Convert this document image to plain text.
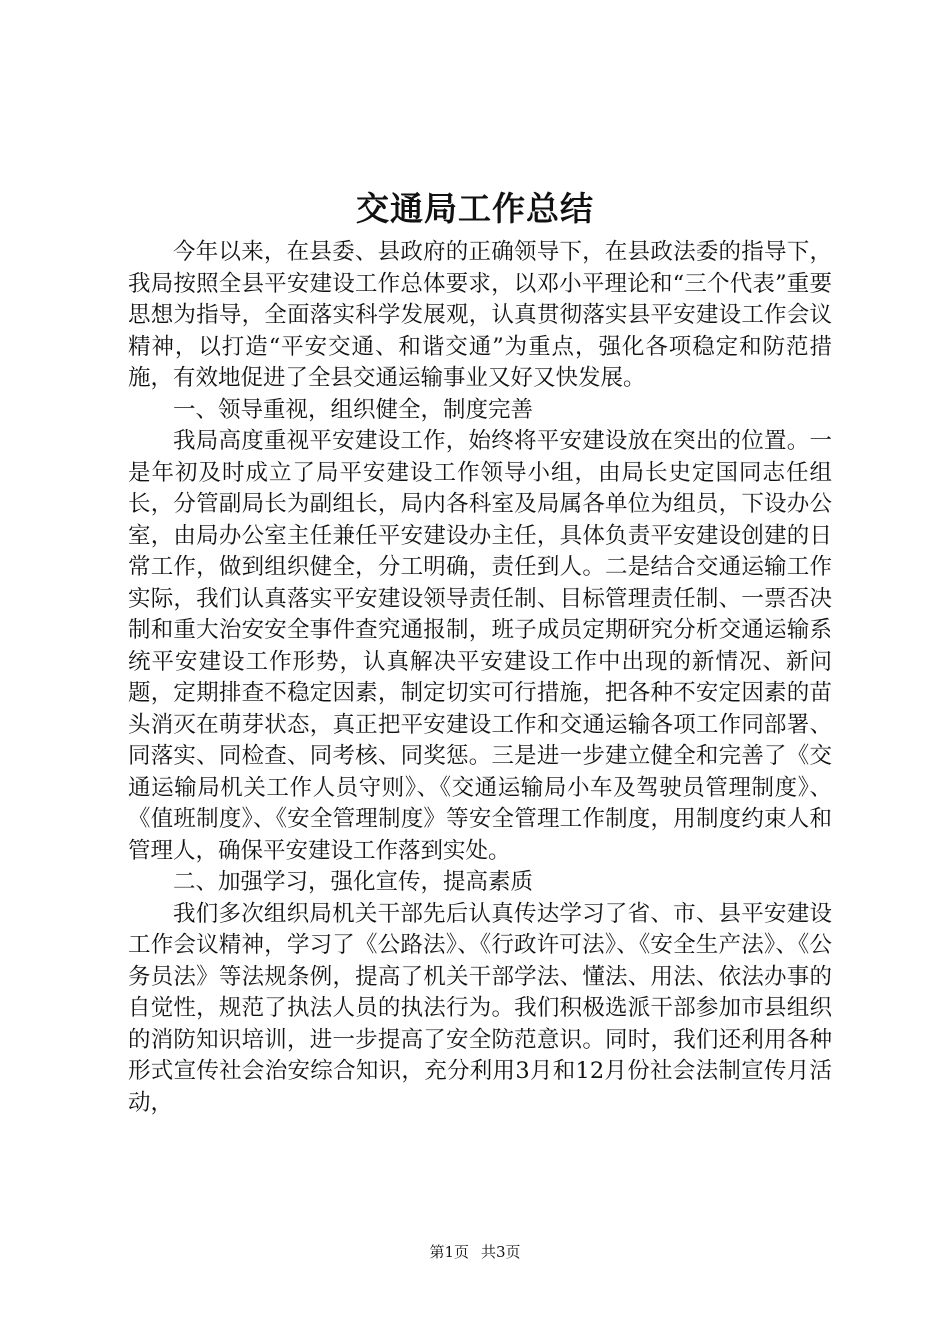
交通局工作总结

今年以来，在县委、县政府的正确领导下，在县政法委的指导下，我局按照全县平安建设工作总体要求，以邓小平理论和“三个代表”重要思想为指导，全面落实科学发展观，认真贯彻落实县平安建设工作会议精神，以打造“平安交通、和谐交通”为重点，强化各项稳定和防范措施，有效地促进了全县交通运输事业又好又快发展。

一、领导重视，组织健全，制度完善

我局高度重视平安建设工作，始终将平安建设放在突出的位置。一是年初及时成立了局平安建设工作领导小组，由局长史定国同志任组长，分管副局长为副组长，局内各科室及局属各单位为组员，下设办公室，由局办公室主任兼任平安建设办主任，具体负责平安建设创建的日常工作，做到组织健全，分工明确，责任到人。二是结合交通运输工作实际，我们认真落实平安建设领导责任制、目标管理责任制、一票否决制和重大治安安全事件查究通报制，班子成员定期研究分析交通运输系统平安建设工作形势，认真解决平安建设工作中出现的新情况、新问题，定期排查不稳定因素，制定切实可行措施，把各种不安定因素的苗头消灭在萌芽状态，真正把平安建设工作和交通运输各项工作同部署、同落实、同检查、同考核、同奖惩。三是进一步建立健全和完善了《交通运输局机关工作人员守则》、《交通运输局小车及驾驶员管理制度》、《值班制度》、《安全管理制度》等安全管理工作制度，用制度约束人和管理人，确保平安建设工作落到实处。

二、加强学习，强化宣传，提高素质

我们多次组织局机关干部先后认真传达学习了省、市、县平安建设工作会议精神，学习了《公路法》、《行政许可法》、《安全生产法》、《公务员法》等法规条例，提高了机关干部学法、懂法、用法、依法办事的自觉性，规范了执法人员的执法行为。我们积极选派干部参加市县组织的消防知识培训，进一步提高了安全防范意识。同时，我们还利用各种形式宣传社会治安综合知识，充分利用3月和12月份社会法制宣传月活动，

第1页 共3页
